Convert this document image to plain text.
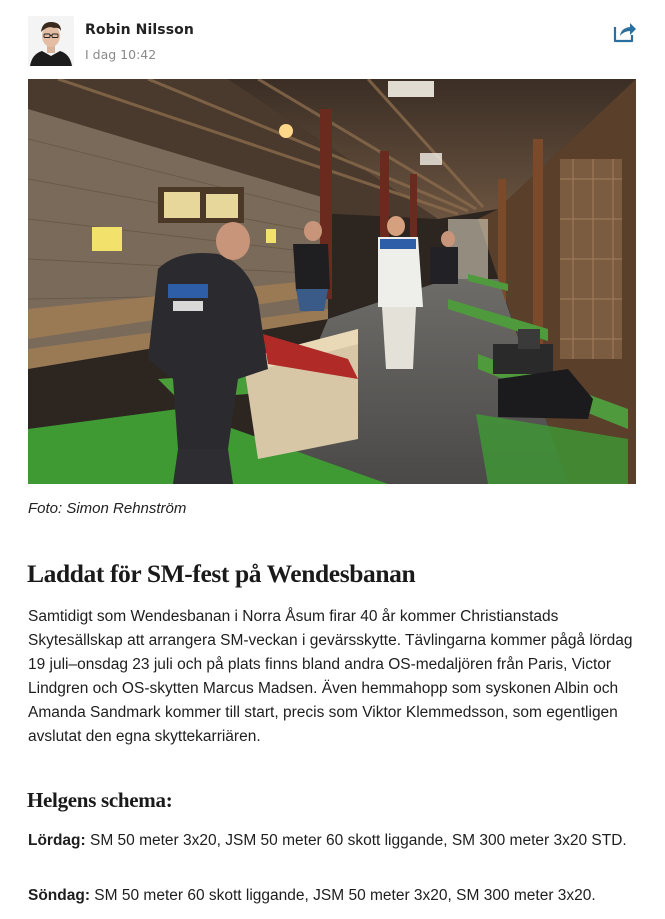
Robin Nilsson
I dag 10:42
Foto: Simon Rehnström
Laddat för SM-fest på Wendesbanan

Samtidigt som Wendesbanan i Norra Åsum firar 40 år kommer Christianstads Skytesällskap att arrangera SM-veckan i gevärsskytte. Tävlingarna kommer pågå lördag 19 juli–onsdag 23 juli och på plats finns bland andra OS-medaljören från Paris, Victor Lindgren och OS-skytten Marcus Madsen. Även hemmahopp som syskonen Albin och Amanda Sandmark kommer till start, precis som Viktor Klemmedsson, som egentligen avslutat den egna skyttekarriären.

Helgens schema:

Lördag: SM 50 meter 3x20, JSM 50 meter 60 skott liggande, SM 300 meter 3x20 STD.

Söndag: SM 50 meter 60 skott liggande, JSM 50 meter 3x20, SM 300 meter 3x20.
